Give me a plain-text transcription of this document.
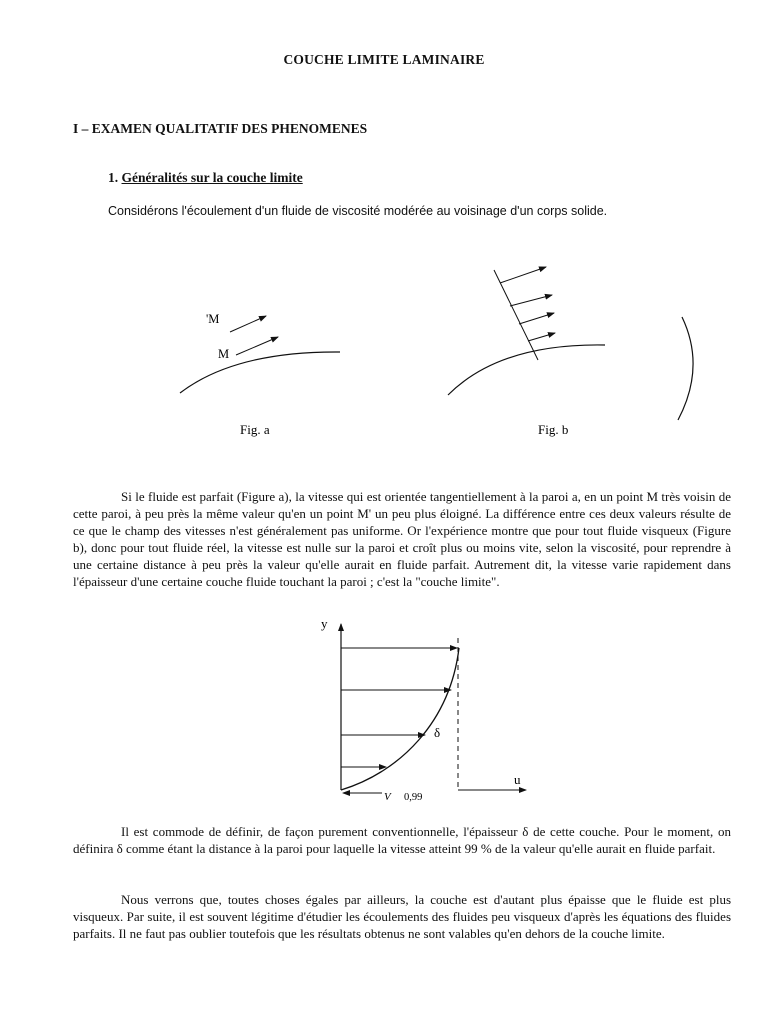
COUCHE LIMITE LAMINAIRE
I – EXAMEN QUALITATIF DES PHENOMENES
1. Généralités sur la couche limite
Considérons l'écoulement d'un fluide de viscosité modérée au voisinage d'un corps solide.
'M
M
Fig. a	Fig. b

Si le fluide est parfait (Figure a), la vitesse qui est orientée tangentiellement à la paroi a, en un point M très voisin de cette paroi, à peu près la même valeur qu'en un point M' un peu plus éloigné. La différence entre ces deux valeurs résulte de ce que le champ des vitesses n'est généralement pas uniforme. Or l'expérience montre que pour tout fluide visqueux (Figure b), donc pour tout fluide réel, la vitesse est nulle sur la paroi et croît plus ou moins vite, selon la viscosité, pour reprendre à une certaine distance à peu près la valeur qu'elle aurait en fluide parfait. Autrement dit, la vitesse varie rapidement dans l'épaisseur d'une certaine couche fluide touchant la paroi ; c'est la "couche limite".

y
u
δ
V 0,99

Il est commode de définir, de façon purement conventionnelle, l'épaisseur δ de cette couche. Pour le moment, on définira δ comme étant la distance à la paroi pour laquelle la vitesse atteint 99 % de la valeur qu'elle aurait en fluide parfait.

Nous verrons que, toutes choses égales par ailleurs, la couche est d'autant plus épaisse que le fluide est plus visqueux. Par suite, il est souvent légitime d'étudier les écoulements des fluides peu visqueux d'après les équations des fluides parfaits. Il ne faut pas oublier toutefois que les résultats obtenus ne sont valables qu'en dehors de la couche limite.
